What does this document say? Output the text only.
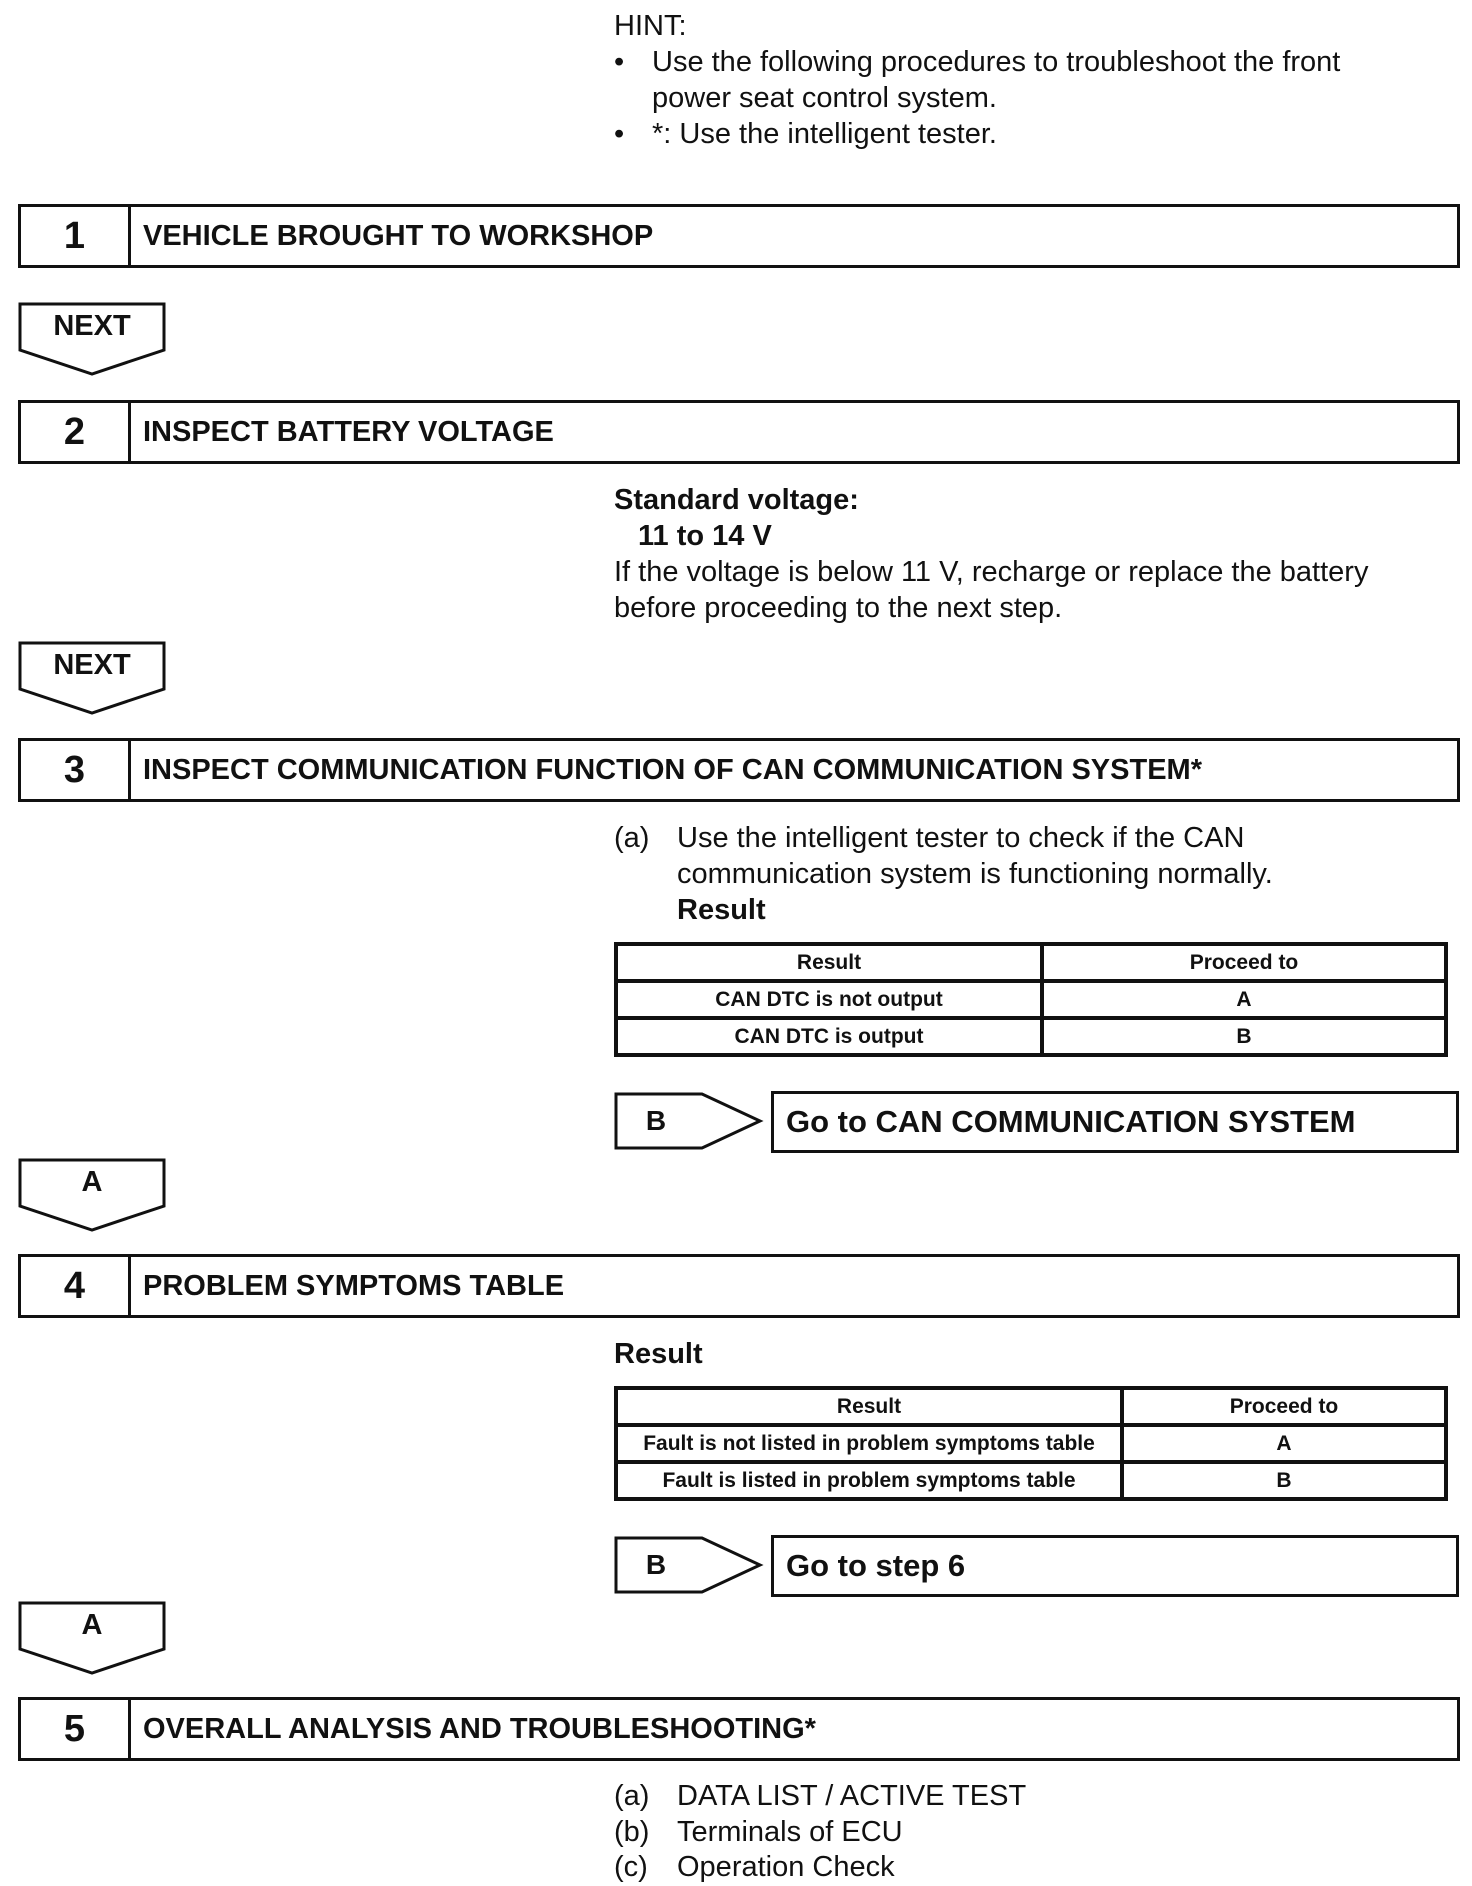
HINT:
• Use the following procedures to troubleshoot the front
power seat control system.
• *: Use the intelligent tester.
1	VEHICLE BROUGHT TO WORKSHOP
NEXT
2	INSPECT BATTERY VOLTAGE
Standard voltage:
11 to 14 V
If the voltage is below 11 V, recharge or replace the battery
before proceeding to the next step.
NEXT
3	INSPECT COMMUNICATION FUNCTION OF CAN COMMUNICATION SYSTEM*
(a) Use the intelligent tester to check if the CAN
communication system is functioning normally.
Result
Result	Proceed to
CAN DTC is not output	A
CAN DTC is output	B
B	Go to CAN COMMUNICATION SYSTEM
A
4	PROBLEM SYMPTOMS TABLE
Result
Result	Proceed to
Fault is not listed in problem symptoms table	A
Fault is listed in problem symptoms table	B
B	Go to step 6
A
5	OVERALL ANALYSIS AND TROUBLESHOOTING*
(a) DATA LIST / ACTIVE TEST
(b) Terminals of ECU
(c) Operation Check
